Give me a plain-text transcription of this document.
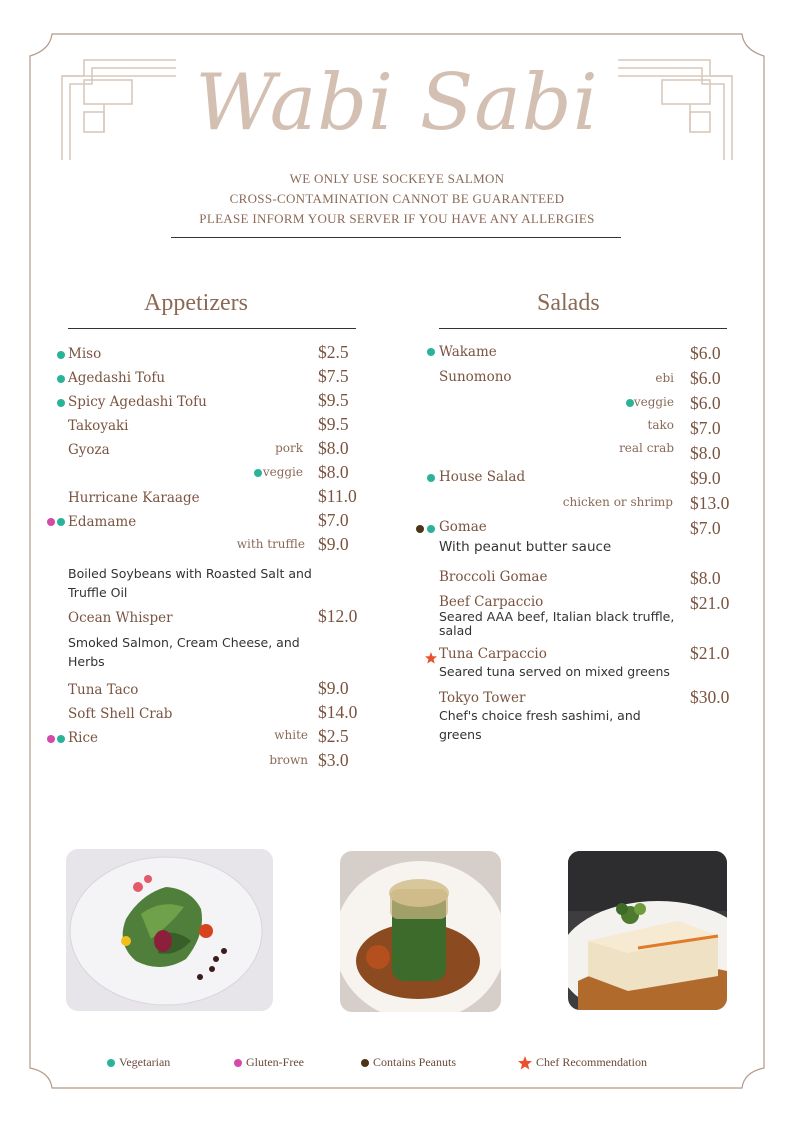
Wabi Sabi
WE ONLY USE SOCKEYE SALMON
CROSS-CONTAMINATION CANNOT BE GUARANTEED
PLEASE INFORM YOUR SERVER IF YOU HAVE ANY ALLERGIES
Appetizers
Miso	$2.5
Agedashi Tofu	$7.5
Spicy Agedashi Tofu	$9.5
Takoyaki	$9.5
Gyoza	pork $8.0
veggie $8.0
Hurricane Karaage	$11.0
Edamame	$7.0
with truffle $9.0
Boiled Soybeans with Roasted Salt and Truffle Oil
Ocean Whisper	$12.0
Smoked Salmon, Cream Cheese, and Herbs
Tuna Taco	$9.0
Soft Shell Crab	$14.0
Rice	white $2.5
brown $3.0
Salads
Wakame	$6.0
Sunomono	ebi $6.0
veggie $6.0
tako $7.0
real crab $8.0
House Salad	$9.0
chicken or shrimp $13.0
Gomae	$7.0
With peanut butter sauce
Broccoli Gomae	$8.0
Beef Carpaccio	$21.0
Seared AAA beef, Italian black truffle, salad
Tuna Carpaccio	$21.0
Seared tuna served on mixed greens
Tokyo Tower	$30.0
Chef's choice fresh sashimi, and greens
Vegetarian	Gluten-Free	Contains Peanuts	Chef Recommendation
